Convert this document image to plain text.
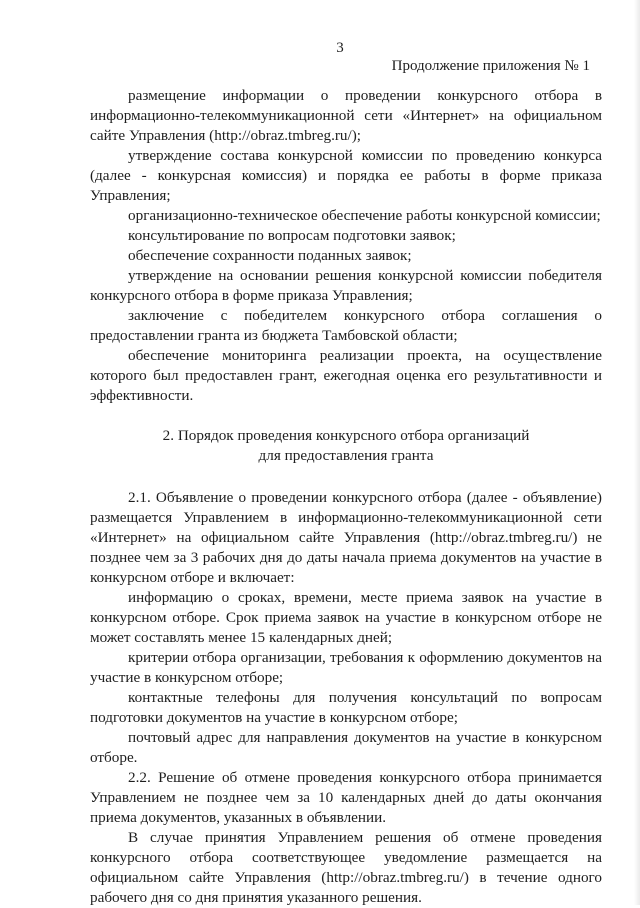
3
Продолжение приложения № 1

размещение информации о проведении конкурсного отбора в информационно-телекоммуникационной сети «Интернет» на официальном сайте Управления (http://obraz.tmbreg.ru/);

утверждение состава конкурсной комиссии по проведению конкурса (далее - конкурсная комиссия) и порядка ее работы в форме приказа Управления;

организационно-техническое обеспечение работы конкурсной комиссии;

консультирование по вопросам подготовки заявок;

обеспечение сохранности поданных заявок;

утверждение на основании решения конкурсной комиссии победителя конкурсного отбора в форме приказа Управления;

заключение с победителем конкурсного отбора соглашения о предоставлении гранта из бюджета Тамбовской области;

обеспечение мониторинга реализации проекта, на осуществление которого был предоставлен грант, ежегодная оценка его результативности и эффективности.

2. Порядок проведения конкурсного отбора организаций
для предоставления гранта

2.1. Объявление о проведении конкурсного отбора (далее - объявление) размещается Управлением в информационно-телекоммуникационной сети «Интернет» на официальном сайте Управления (http://obraz.tmbreg.ru/) не позднее чем за 3 рабочих дня до даты начала приема документов на участие в конкурсном отборе и включает:

информацию о сроках, времени, месте приема заявок на участие в конкурсном отборе. Срок приема заявок на участие в конкурсном отборе не может составлять менее 15 календарных дней;

критерии отбора организации, требования к оформлению документов на участие в конкурсном отборе;

контактные телефоны для получения консультаций по вопросам подготовки документов на участие в конкурсном отборе;

почтовый адрес для направления документов на участие в конкурсном отборе.

2.2. Решение об отмене проведения конкурсного отбора принимается Управлением не позднее чем за 10 календарных дней до даты окончания приема документов, указанных в объявлении.

В случае принятия Управлением решения об отмене проведения конкурсного отбора соответствующее уведомление размещается на официальном сайте Управления (http://obraz.tmbreg.ru/) в течение одного рабочего дня со дня принятия указанного решения.
